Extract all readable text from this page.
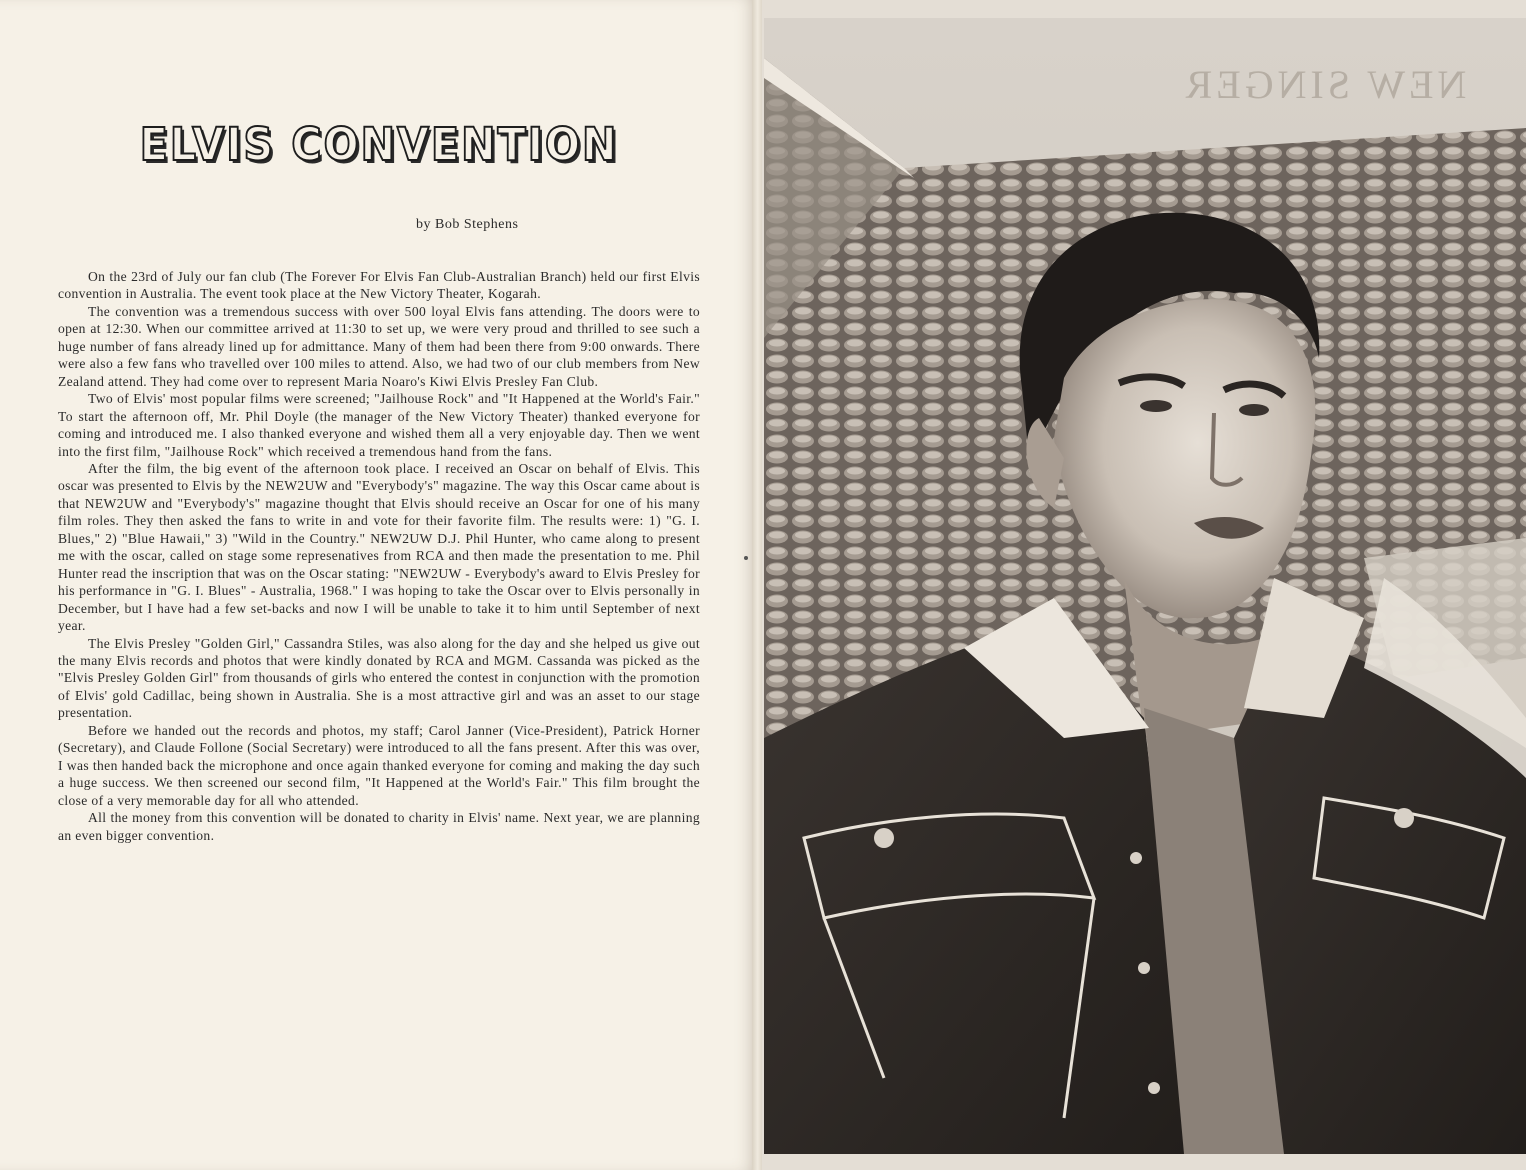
ELVIS CONVENTION
by Bob Stephens

On the 23rd of July our fan club (The Forever For Elvis Fan Club-Australian Branch) held our first Elvis convention in Australia. The event took place at the New Victory Theater, Kogarah.

The convention was a tremendous success with over 500 loyal Elvis fans attending. The doors were to open at 12:30. When our committee arrived at 11:30 to set up, we were very proud and thrilled to see such a huge number of fans already lined up for admittance. Many of them had been there from 9:00 onwards. There were also a few fans who travelled over 100 miles to attend. Also, we had two of our club members from New Zealand attend. They had come over to represent Maria Noaro's Kiwi Elvis Presley Fan Club.

Two of Elvis' most popular films were screened; "Jailhouse Rock" and "It Happened at the World's Fair." To start the afternoon off, Mr. Phil Doyle (the manager of the New Victory Theater) thanked everyone for coming and introduced me. I also thanked everyone and wished them all a very enjoyable day. Then we went into the first film, "Jailhouse Rock" which received a tremendous hand from the fans.

After the film, the big event of the afternoon took place. I received an Oscar on behalf of Elvis. This oscar was presented to Elvis by the NEW2UW and "Everybody's" magazine. The way this Oscar came about is that NEW2UW and "Everybody's" magazine thought that Elvis should receive an Oscar for one of his many film roles. They then asked the fans to write in and vote for their favorite film. The results were: 1) "G. I. Blues," 2) "Blue Hawaii," 3) "Wild in the Country." NEW2UW D.J. Phil Hunter, who came along to present me with the oscar, called on stage some represenatives from RCA and then made the presentation to me. Phil Hunter read the inscription that was on the Oscar stating: "NEW2UW - Everybody's award to Elvis Presley for his performance in "G. I. Blues" - Australia, 1968." I was hoping to take the Oscar over to Elvis personally in December, but I have had a few set-backs and now I will be unable to take it to him until September of next year.

The Elvis Presley "Golden Girl," Cassandra Stiles, was also along for the day and she helped us give out the many Elvis records and photos that were kindly donated by RCA and MGM. Cassanda was picked as the "Elvis Presley Golden Girl" from thousands of girls who entered the contest in conjunction with the promotion of Elvis' gold Cadillac, being shown in Australia. She is a most attractive girl and was an asset to our stage presentation.

Before we handed out the records and photos, my staff; Carol Janner (Vice-President), Patrick Horner (Secretary), and Claude Follone (Social Secretary) were introduced to all the fans present. After this was over, I was then handed back the microphone and once again thanked everyone for coming and making the day such a huge success. We then screened our second film, "It Happened at the World's Fair." This film brought the close of a very memorable day for all who attended.

All the money from this convention will be donated to charity in Elvis' name. Next year, we are planning an even bigger convention.

NEW SINGER
